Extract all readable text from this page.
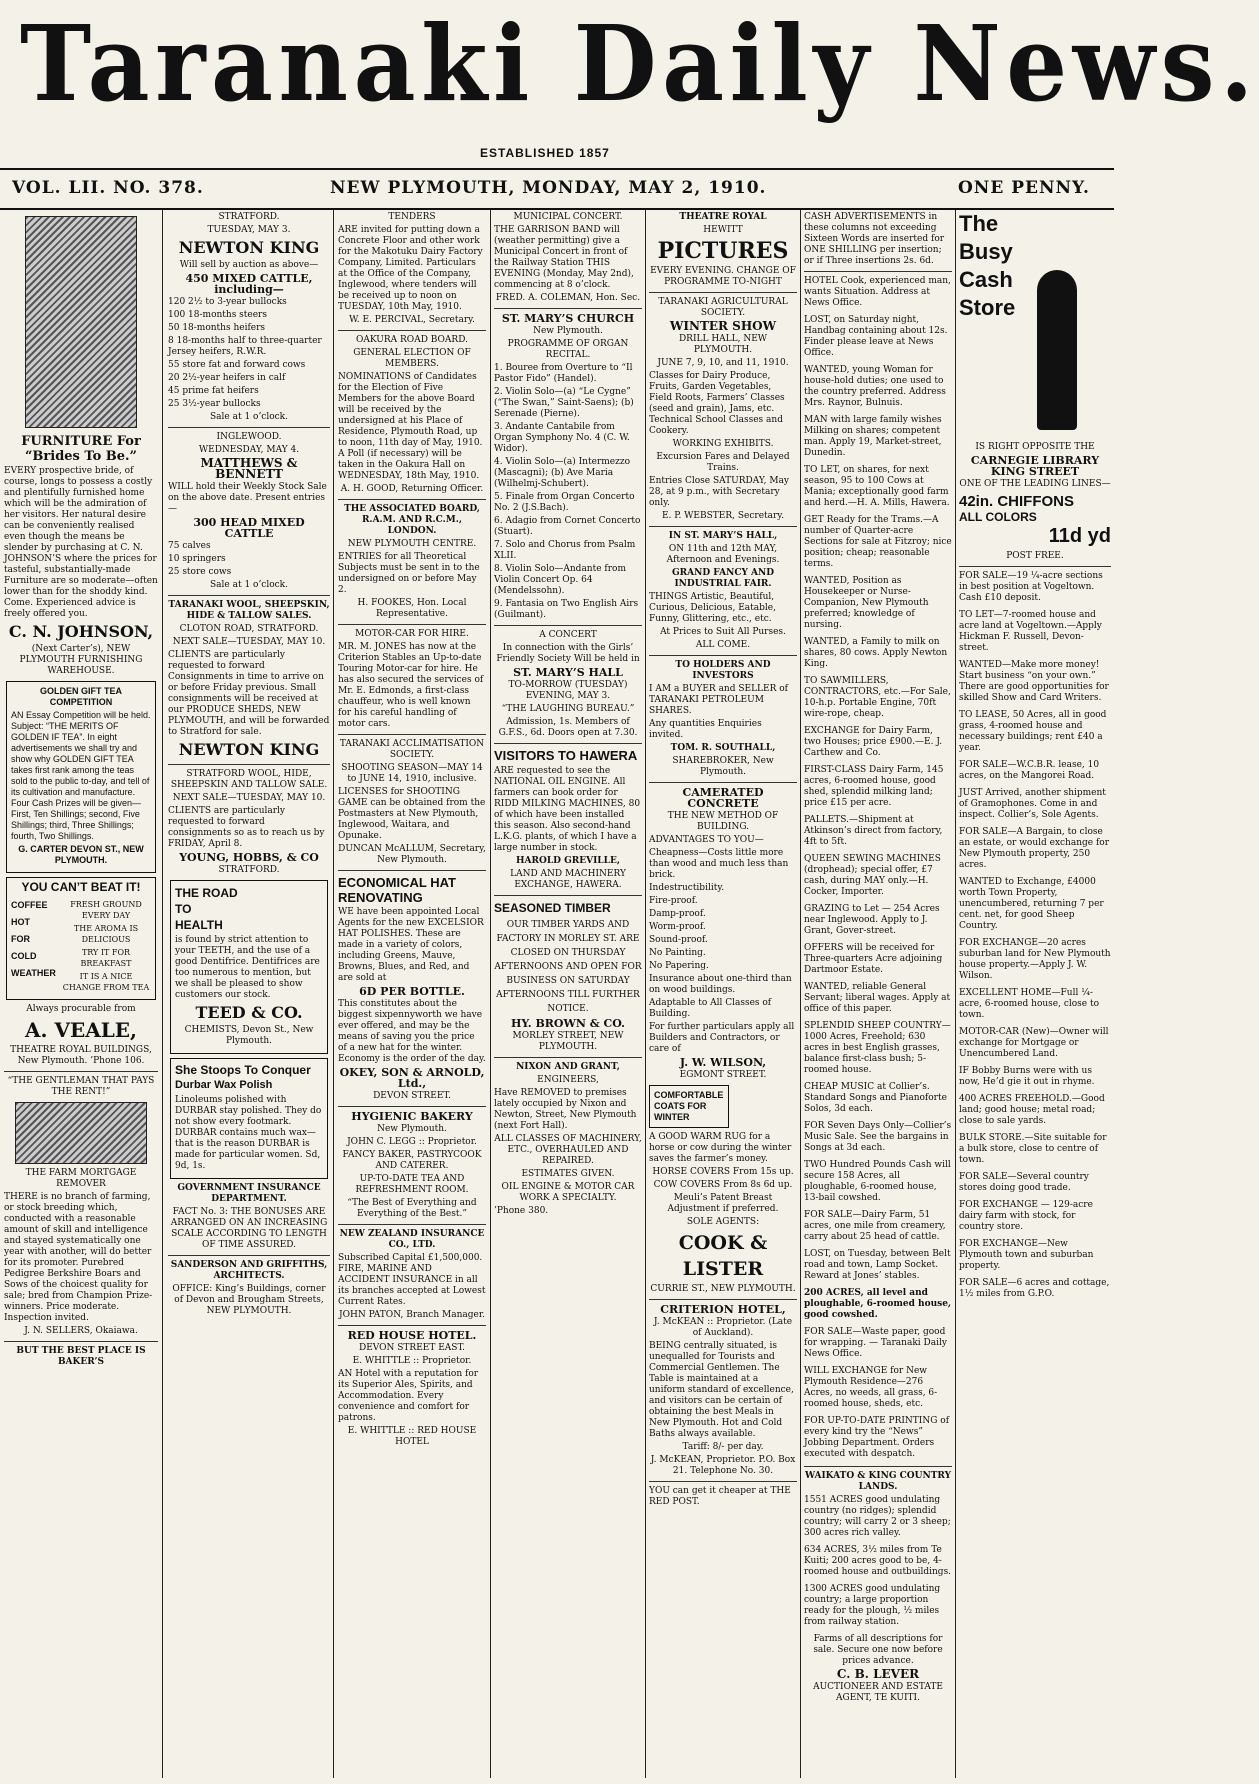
Taranaki Daily News.
ESTABLISHED 1857
VOL. LII. NO. 378.	NEW PLYMOUTH, MONDAY, MAY 2, 1910.	ONE PENNY.
FURNITURE For “Brides To Be.”

EVERY prospective bride, of course, longs to possess a costly and plentifully furnished home which will be the admiration of her visitors. Her natural desire can be conveniently realised even though the means be slender by purchasing at C. N. JOHNSON’S where the prices for tasteful, substantially-made Furniture are so moderate—often lower than for the shoddy kind. Come. Experienced advice is freely offered you.

C. N. JOHNSON,

(Next Carter’s), NEW PLYMOUTH FURNISHING WAREHOUSE.

GOLDEN GIFT TEA COMPETITION

AN Essay Competition will be held. Subject: “THE MERITS OF GOLDEN IF TEA”. In eight advertisements we shall try and show why GOLDEN GIFT TEA takes first rank among the teas sold to the public to-day, and tell of its cultivation and manufacture. Four Cash Prizes will be given—First, Ten Shillings; second, Five Shillings; third, Three Shillings; fourth, Two Shillings.

G. CARTER DEVON ST., NEW PLYMOUTH.

YOU CAN’T BEAT IT!
COFFEE
HOT
FOR
COLD
WEATHER

FRESH GROUND EVERY DAY

THE AROMA IS DELICIOUS

TRY IT FOR BREAKFAST

IT IS A NICE CHANGE FROM TEA

Always procurable from

A. VEALE,

THEATRE ROYAL BUILDINGS, New Plymouth. ’Phone 106.

“THE GENTLEMAN THAT PAYS THE RENT!”

THE FARM MORTGAGE REMOVER

THERE is no branch of farming, or stock breeding which, conducted with a reasonable amount of skill and intelligence and stayed systematically one year with another, will do better for its promoter. Purebred Pedigree Berkshire Boars and Sows of the choicest quality for sale; bred from Champion Prize-winners. Price moderate. Inspection invited.

J. N. SELLERS, Okaiawa.

BUT THE BEST PLACE IS BAKER’S

STRATFORD.

TUESDAY, MAY 3.

NEWTON KING

Will sell by auction as above—

450 MIXED CATTLE, including—

120 2½ to 3-year bullocks

100 18-months steers

50 18-months heifers

8 18-months half to three-quarter Jersey heifers, R.W.R.

55 store fat and forward cows

20 2½-year heifers in calf

45 prime fat heifers

25 3½-year bullocks

Sale at 1 o’clock.

INGLEWOOD.

WEDNESDAY, MAY 4.

MATTHEWS & BENNETT

WILL hold their Weekly Stock Sale on the above date. Present entries—

300 HEAD MIXED CATTLE

75 calves

10 springers

25 store cows

Sale at 1 o’clock.

TARANAKI WOOL, SHEEPSKIN, HIDE & TALLOW SALES.

CLOTON ROAD, STRATFORD.

NEXT SALE—TUESDAY, MAY 10.

CLIENTS are particularly requested to forward Consignments in time to arrive on or before Friday previous. Small consignments will be received at our PRODUCE SHEDS, NEW PLYMOUTH, and will be forwarded to Stratford for sale.

NEWTON KING

STRATFORD WOOL, HIDE, SHEEPSKIN AND TALLOW SALE.

NEXT SALE—TUESDAY, MAY 10.

CLIENTS are particularly requested to forward consignments so as to reach us by FRIDAY, April 8.

YOUNG, HOBBS, & CO

STRATFORD.

THE ROAD
TO
HEALTH

is found by strict attention to your TEETH, and the use of a good Dentifrice. Dentifrices are too numerous to mention, but we shall be pleased to show customers our stock.

TEED & CO.

CHEMISTS, Devon St., New Plymouth.

She Stoops To Conquer
Durbar Wax Polish

Linoleums polished with DURBAR stay polished. They do not show every footmark. DURBAR contains much wax—that is the reason DURBAR is made for particular women. Sd, 9d, 1s.

GOVERNMENT INSURANCE DEPARTMENT.

FACT No. 3: THE BONUSES ARE ARRANGED ON AN INCREASING SCALE ACCORDING TO LENGTH OF TIME ASSURED.

SANDERSON AND GRIFFITHS, ARCHITECTS.

OFFICE: King’s Buildings, corner of Devon and Brougham Streets, NEW PLYMOUTH.

TENDERS

ARE invited for putting down a Concrete Floor and other work for the Makotuku Dairy Factory Company, Limited. Particulars at the Office of the Company, Inglewood, where tenders will be received up to noon on TUESDAY, 10th May, 1910.

W. E. PERCIVAL, Secretary.

OAKURA ROAD BOARD.

GENERAL ELECTION OF MEMBERS.

NOMINATIONS of Candidates for the Election of Five Members for the above Board will be received by the undersigned at his Place of Residence, Plymouth Road, up to noon, 11th day of May, 1910. A Poll (if necessary) will be taken in the Oakura Hall on WEDNESDAY, 18th May, 1910.

A. H. GOOD, Returning Officer.

THE ASSOCIATED BOARD, R.A.M. AND R.C.M., LONDON.

NEW PLYMOUTH CENTRE.

ENTRIES for all Theoretical Subjects must be sent in to the undersigned on or before May 2.

H. FOOKES, Hon. Local Representative.

MOTOR-CAR FOR HIRE.

MR. M. JONES has now at the Criterion Stables an Up-to-date Touring Motor-car for hire. He has also secured the services of Mr. E. Edmonds, a first-class chauffeur, who is well known for his careful handling of motor cars.

TARANAKI ACCLIMATISATION SOCIETY.

SHOOTING SEASON—MAY 14 to JUNE 14, 1910, inclusive.

LICENSES for SHOOTING GAME can be obtained from the Postmasters at New Plymouth, Inglewood, Waitara, and Opunake.

DUNCAN McALLUM, Secretary, New Plymouth.

ECONOMICAL HAT RENOVATING

WE have been appointed Local Agents for the new EXCELSIOR HAT POLISHES. These are made in a variety of colors, including Greens, Mauve, Browns, Blues, and Red, and are sold at

6D PER BOTTLE.

This constitutes about the biggest sixpennyworth we have ever offered, and may be the means of saving you the price of a new hat for the winter. Economy is the order of the day.

OKEY, SON & ARNOLD, Ltd.,

DEVON STREET.

HYGIENIC BAKERY

New Plymouth.

JOHN C. LEGG :: Proprietor.

FANCY BAKER, PASTRYCOOK AND CATERER.

UP-TO-DATE TEA AND REFRESHMENT ROOM.

“The Best of Everything and Everything of the Best.”

NEW ZEALAND INSURANCE CO., LTD.

Subscribed Capital £1,500,000. FIRE, MARINE AND ACCIDENT INSURANCE in all its branches accepted at Lowest Current Rates.

JOHN PATON, Branch Manager.

RED HOUSE HOTEL.

DEVON STREET EAST.

E. WHITTLE :: Proprietor.

AN Hotel with a reputation for its Superior Ales, Spirits, and Accommodation. Every convenience and comfort for patrons.

E. WHITTLE :: RED HOUSE HOTEL

MUNICIPAL CONCERT.

THE GARRISON BAND will (weather permitting) give a Municipal Concert in front of the Railway Station THIS EVENING (Monday, May 2nd), commencing at 8 o’clock.

FRED. A. COLEMAN, Hon. Sec.

ST. MARY’S CHURCH

New Plymouth.

PROGRAMME OF ORGAN RECITAL.

1. Bouree from Overture to “Il Pastor Fido” (Handel).

2. Violin Solo—(a) “Le Cygne” (“The Swan,” Saint-Saens); (b) Serenade (Pierne).

3. Andante Cantabile from Organ Symphony No. 4 (C. W. Widor).

4. Violin Solo—(a) Intermezzo (Mascagni); (b) Ave Maria (Wilhelmj-Schubert).

5. Finale from Organ Concerto No. 2 (J.S.Bach).

6. Adagio from Cornet Concerto (Stuart).

7. Solo and Chorus from Psalm XLII.

8. Violin Solo—Andante from Violin Concert Op. 64 (Mendelssohn).

9. Fantasia on Two English Airs (Guilmant).

A CONCERT

In connection with the Girls’ Friendly Society Will be held in

ST. MARY’S HALL

TO-MORROW (TUESDAY) EVENING, MAY 3.

“THE LAUGHING BUREAU.”

Admission, 1s. Members of G.F.S., 6d. Doors open at 7.30.

VISITORS TO HAWERA

ARE requested to see the NATIONAL OIL ENGINE. All farmers can book order for RIDD MILKING MACHINES, 80 of which have been installed this season. Also second-hand L.K.G. plants, of which I have a large number in stock.

HAROLD GREVILLE,

LAND AND MACHINERY EXCHANGE, HAWERA.

SEASONED TIMBER

OUR TIMBER YARDS AND FACTORY IN MORLEY ST. ARE CLOSED ON THURSDAY AFTERNOONS AND OPEN FOR BUSINESS ON SATURDAY AFTERNOONS TILL FURTHER NOTICE.

HY. BROWN & CO.

MORLEY STREET, NEW PLYMOUTH.

NIXON AND GRANT,

ENGINEERS,

Have REMOVED to premises lately occupied by Nixon and Newton, Street, New Plymouth (next Fort Hall).

ALL CLASSES OF MACHINERY, ETC., OVERHAULED AND REPAIRED.

ESTIMATES GIVEN.

OIL ENGINE & MOTOR CAR WORK A SPECIALTY.

’Phone 380.

THEATRE ROYAL

HEWITT

PICTURES

EVERY EVENING. CHANGE OF PROGRAMME TO-NIGHT

TARANAKI AGRICULTURAL SOCIETY.

WINTER SHOW

DRILL HALL, NEW PLYMOUTH.

JUNE 7, 9, 10, and 11, 1910.

Classes for Dairy Produce, Fruits, Garden Vegetables, Field Roots, Farmers’ Classes (seed and grain), Jams, etc. Technical School Classes and Cookery.

WORKING EXHIBITS.

Excursion Fares and Delayed Trains.

Entries Close SATURDAY, May 28, at 9 p.m., with Secretary only.

E. P. WEBSTER, Secretary.

IN ST. MARY’S HALL,

ON 11th and 12th MAY, Afternoon and Evenings.

GRAND FANCY AND INDUSTRIAL FAIR.

THINGS Artistic, Beautiful, Curious, Delicious, Eatable, Funny, Glittering, etc., etc.

At Prices to Suit All Purses.

ALL COME.

TO HOLDERS AND INVESTORS

I AM a BUYER and SELLER of TARANAKI PETROLEUM SHARES.

Any quantities Enquiries invited.

TOM. R. SOUTHALL,

SHAREBROKER, New Plymouth.

CAMERATED CONCRETE

THE NEW METHOD OF BUILDING.

ADVANTAGES TO YOU—

Cheapness—Costs little more than wood and much less than brick.

Indestructibility.

Fire-proof.

Damp-proof.

Worm-proof.

Sound-proof.

No Painting.

No Papering.

Insurance about one-third than on wood buildings.

Adaptable to All Classes of Building.

For further particulars apply all Builders and Contractors, or care of

J. W. WILSON,

EGMONT STREET.

COMFORTABLE COATS FOR WINTER

A GOOD WARM RUG for a horse or cow during the winter saves the farmer’s money.

HORSE COVERS From 15s up.

COW COVERS From 8s 6d up.

Meuli’s Patent Breast Adjustment if preferred.

SOLE AGENTS:

COOK & LISTER

CURRIE ST., NEW PLYMOUTH.

CRITERION HOTEL,

J. McKEAN :: Proprietor. (Late of Auckland).

BEING centrally situated, is unequalled for Tourists and Commercial Gentlemen. The Table is maintained at a uniform standard of excellence, and visitors can be certain of obtaining the best Meals in New Plymouth. Hot and Cold Baths always available.

Tariff: 8/- per day.

J. McKEAN, Proprietor. P.O. Box 21. Telephone No. 30.

YOU can get it cheaper at THE RED POST.

CASH ADVERTISEMENTS in these columns not exceeding Sixteen Words are inserted for ONE SHILLING per insertion; or if Three insertions 2s. 6d.

HOTEL Cook, experienced man, wants Situation. Address at News Office.

LOST, on Saturday night, Handbag containing about 12s. Finder please leave at News Office.

WANTED, young Woman for house-hold duties; one used to the country preferred. Address Mrs. Raynor, Bulnuis.

MAN with large family wishes Milking on shares; competent man. Apply 19, Market-street, Dunedin.

TO LET, on shares, for next season, 95 to 100 Cows at Mania; exceptionally good farm and herd.—H. A. Mills, Hawera.

GET Ready for the Trams.—A number of Quarter-acre Sections for sale at Fitzroy; nice position; cheap; reasonable terms.

WANTED, Position as Housekeeper or Nurse-Companion, New Plymouth preferred; knowledge of nursing.

WANTED, a Family to milk on shares, 80 cows. Apply Newton King.

TO SAWMILLERS, CONTRACTORS, etc.—For Sale, 10-h.p. Portable Engine, 70ft wire-rope, cheap.

EXCHANGE for Dairy Farm, two Houses; price £900.—E. J. Carthew and Co.

FIRST-CLASS Dairy Farm, 145 acres, 6-roomed house, good shed, splendid milking land; price £15 per acre.

PALLETS.—Shipment at Atkinson’s direct from factory, 4ft to 5ft.

QUEEN SEWING MACHINES (drophead); special offer, £7 cash, during MAY only.—H. Cocker, Importer.

GRAZING to Let — 254 Acres near Inglewood. Apply to J. Grant, Gover-street.

OFFERS will be received for Three-quarters Acre adjoining Dartmoor Estate.

WANTED, reliable General Servant; liberal wages. Apply at office of this paper.

SPLENDID SHEEP COUNTRY—1000 Acres, Freehold; 630 acres in best English grasses, balance first-class bush; 5-roomed house.

CHEAP MUSIC at Collier’s. Standard Songs and Pianoforte Solos, 3d each.

FOR Seven Days Only—Collier’s Music Sale. See the bargains in Songs at 3d each.

TWO Hundred Pounds Cash will secure 158 Acres, all ploughable, 6-roomed house, 13-bail cowshed.

FOR SALE—Dairy Farm, 51 acres, one mile from creamery, carry about 25 head of cattle.

LOST, on Tuesday, between Belt road and town, Lamp Socket. Reward at Jones’ stables.

200 ACRES, all level and ploughable, 6-roomed house, good cowshed.

FOR SALE—Waste paper, good for wrapping. — Taranaki Daily News Office.

WILL EXCHANGE for New Plymouth Residence—276 Acres, no weeds, all grass, 6-roomed house, sheds, etc.

FOR UP-TO-DATE PRINTING of every kind try the “News” Jobbing Department. Orders executed with despatch.

WAIKATO & KING COUNTRY LANDS.

1551 ACRES good undulating country (no ridges); splendid country; will carry 2 or 3 sheep; 300 acres rich valley.

634 ACRES, 3½ miles from Te Kuiti; 200 acres good to be, 4-roomed house and outbuildings.

1300 ACRES good undulating country; a large proportion ready for the plough, ½ miles from railway station.

Farms of all descriptions for sale. Secure one now before prices advance.

C. B. LEVER

AUCTIONEER AND ESTATE AGENT, TE KUITI.

The
Busy
Cash
Store

IS RIGHT OPPOSITE THE

CARNEGIE LIBRARY KING STREET

ONE OF THE LEADING LINES—

42in. CHIFFONS
ALL COLORS
11d yd

POST FREE.

FOR SALE—19 ¼-acre sections in best position at Vogeltown. Cash £10 deposit.

TO LET—7-roomed house and acre land at Vogeltown.—Apply Hickman F. Russell, Devon-street.

WANTED—Make more money! Start business “on your own.” There are good opportunities for skilled Show and Card Writers.

TO LEASE, 50 Acres, all in good grass, 4-roomed house and necessary buildings; rent £40 a year.

FOR SALE—W.C.B.R. lease, 10 acres, on the Mangorei Road.

JUST Arrived, another shipment of Gramophones. Come in and inspect. Collier’s, Sole Agents.

FOR SALE—A Bargain, to close an estate, or would exchange for New Plymouth property, 250 acres.

WANTED to Exchange, £4000 worth Town Property, unencumbered, returning 7 per cent. net, for good Sheep Country.

FOR EXCHANGE—20 acres suburban land for New Plymouth house property.—Apply J. W. Wilson.

EXCELLENT HOME—Full ¼-acre, 6-roomed house, close to town.

MOTOR-CAR (New)—Owner will exchange for Mortgage or Unencumbered Land.

IF Bobby Burns were with us now, He’d gie it out in rhyme.

400 ACRES FREEHOLD.—Good land; good house; metal road; close to sale yards.

BULK STORE.—Site suitable for a bulk store, close to centre of town.

FOR SALE—Several country stores doing good trade.

FOR EXCHANGE — 129-acre dairy farm with stock, for country store.

FOR EXCHANGE—New Plymouth town and suburban property.

FOR SALE—6 acres and cottage, 1½ miles from G.P.O.
